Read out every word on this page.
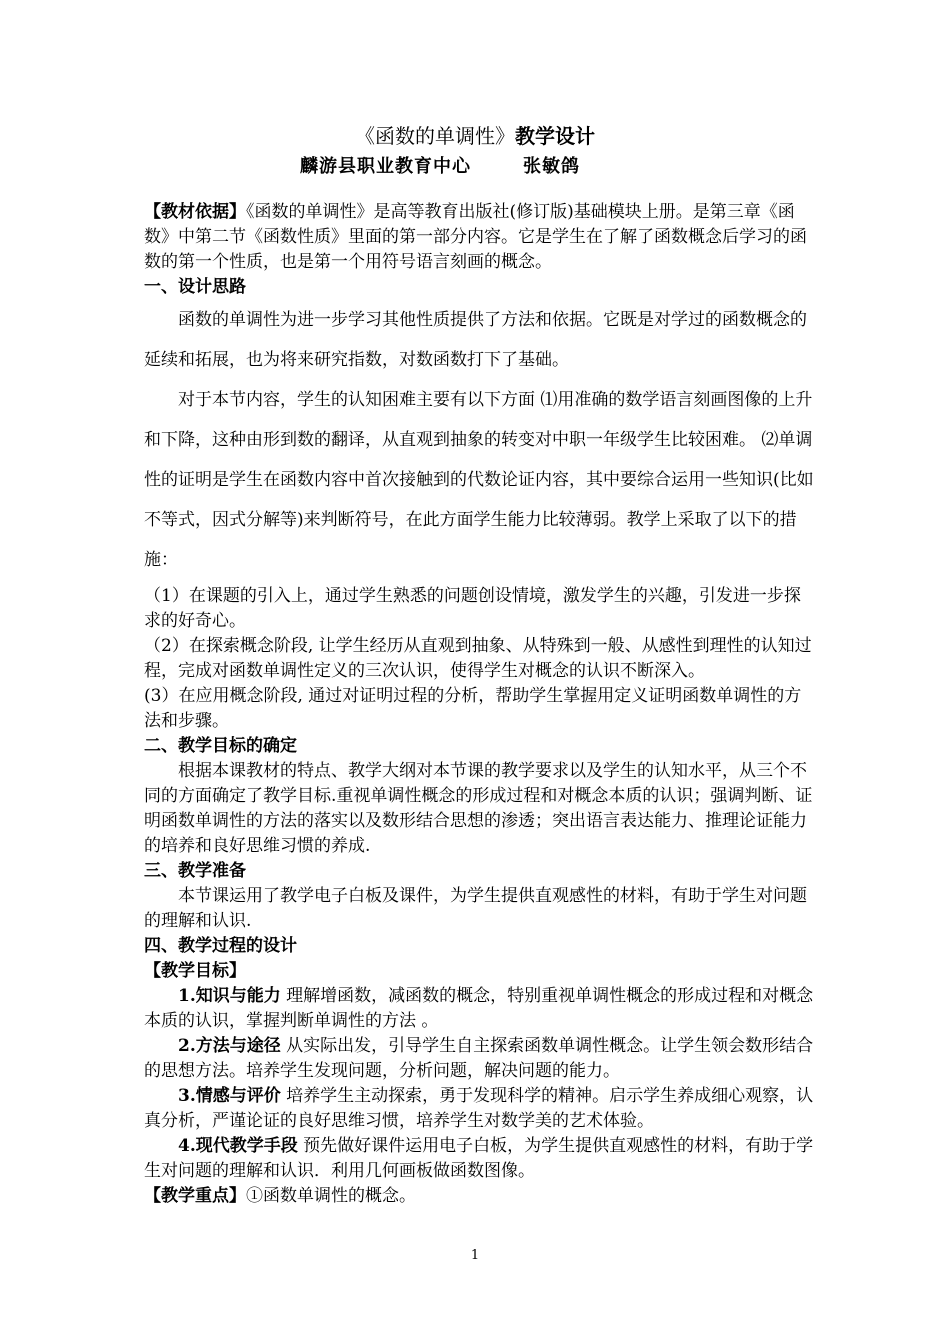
《函数的单调性》教学设计
麟游县职业教育中心	张敏鸽

【教材依据】《函数的单调性》是高等教育出版社(修订版)基础模块上册。是第三章《函数》中第二节《函数性质》里面的第一部分内容。它是学生在了解了函数概念后学习的函数的第一个性质，也是第一个用符号语言刻画的概念。

一、设计思路

函数的单调性为进一步学习其他性质提供了方法和依据。它既是对学过的函数概念的延续和拓展，也为将来研究指数，对数函数打下了基础。

对于本节内容，学生的认知困难主要有以下方面 ⑴用准确的数学语言刻画图像的上升和下降，这种由形到数的翻译，从直观到抽象的转变对中职一年级学生比较困难。 ⑵单调性的证明是学生在函数内容中首次接触到的代数论证内容，其中要综合运用一些知识(比如不等式，因式分解等)来判断符号，在此方面学生能力比较薄弱。教学上采取了以下的措施：

（1）在课题的引入上，通过学生熟悉的问题创设情境，激发学生的兴趣，引发进一步探求的好奇心。

（2）在探索概念阶段, 让学生经历从直观到抽象、从特殊到一般、从感性到理性的认知过程，完成对函数单调性定义的三次认识，使得学生对概念的认识不断深入。

(3）在应用概念阶段, 通过对证明过程的分析，帮助学生掌握用定义证明函数单调性的方法和步骤。

二、教学目标的确定

根据本课教材的特点、教学大纲对本节课的教学要求以及学生的认知水平，从三个不同的方面确定了教学目标.重视单调性概念的形成过程和对概念本质的认识；强调判断、证明函数单调性的方法的落实以及数形结合思想的渗透；突出语言表达能力、推理论证能力的培养和良好思维习惯的养成.

三、教学准备

本节课运用了教学电子白板及课件，为学生提供直观感性的材料，有助于学生对问题的理解和认识.

四、教学过程的设计

【教学目标】

1.知识与能力 理解增函数，减函数的概念，特别重视单调性概念的形成过程和对概念本质的认识，掌握判断单调性的方法 。

2.方法与途径 从实际出发，引导学生自主探索函数单调性概念。让学生领会数形结合的思想方法。培养学生发现问题，分析问题，解决问题的能力。

3.情感与评价 培养学生主动探索，勇于发现科学的精神。启示学生养成细心观察，认真分析，严谨论证的良好思维习惯，培养学生对数学美的艺术体验。

4.现代教学手段 预先做好课件运用电子白板，为学生提供直观感性的材料，有助于学生对问题的理解和认识．利用几何画板做函数图像。

【教学重点】①函数单调性的概念。

1
